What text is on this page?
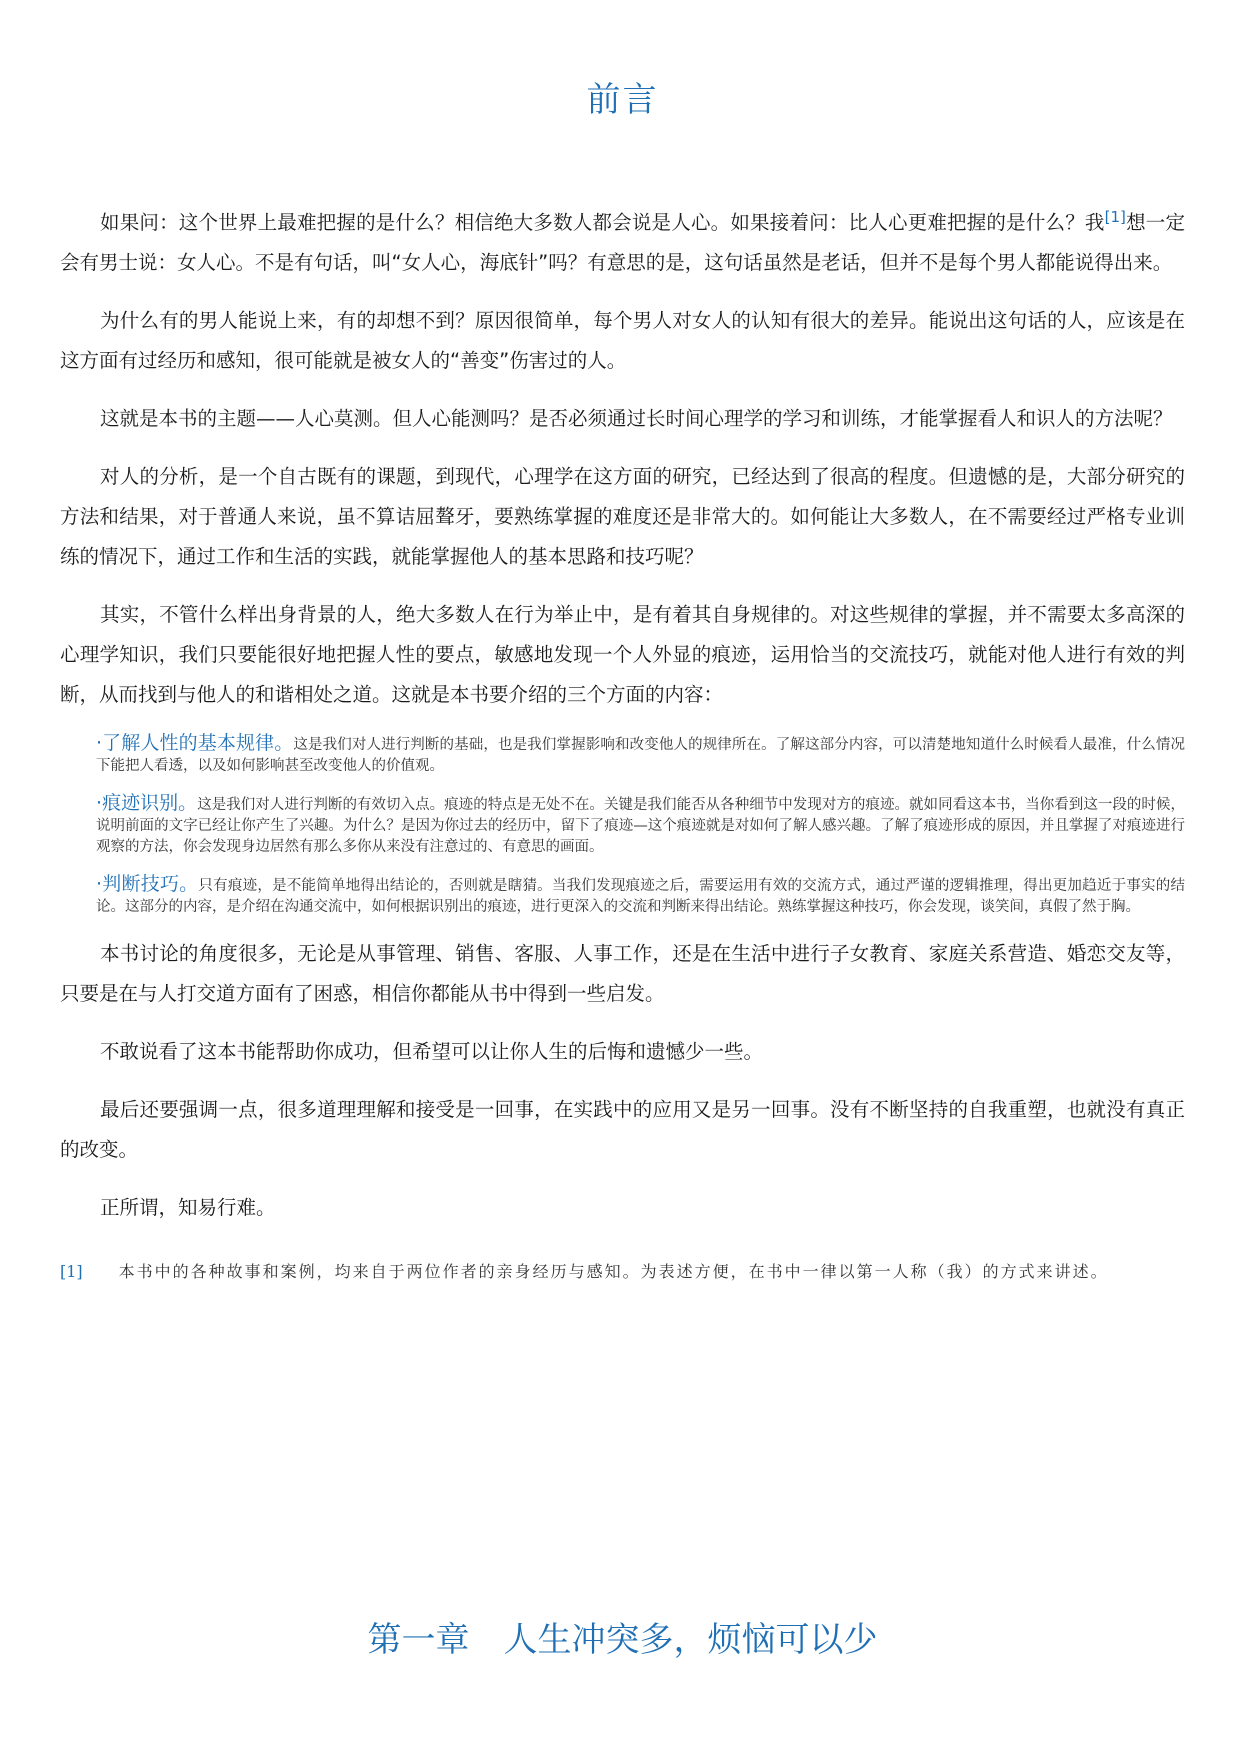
前言

如果问：这个世界上最难把握的是什么？相信绝大多数人都会说是人心。如果接着问：比人心更难把握的是什么？我[1]想一定会有男士说：女人心。不是有句话，叫“女人心，海底针”吗？有意思的是，这句话虽然是老话，但并不是每个男人都能说得出来。

为什么有的男人能说上来，有的却想不到？原因很简单，每个男人对女人的认知有很大的差异。能说出这句话的人，应该是在这方面有过经历和感知，很可能就是被女人的“善变”伤害过的人。

这就是本书的主题——人心莫测。但人心能测吗？是否必须通过长时间心理学的学习和训练，才能掌握看人和识人的方法呢？

对人的分析，是一个自古既有的课题，到现代，心理学在这方面的研究，已经达到了很高的程度。但遗憾的是，大部分研究的方法和结果，对于普通人来说，虽不算诘屈聱牙，要熟练掌握的难度还是非常大的。如何能让大多数人，在不需要经过严格专业训练的情况下，通过工作和生活的实践，就能掌握他人的基本思路和技巧呢？

其实，不管什么样出身背景的人，绝大多数人在行为举止中，是有着其自身规律的。对这些规律的掌握，并不需要太多高深的心理学知识，我们只要能很好地把握人性的要点，敏感地发现一个人外显的痕迹，运用恰当的交流技巧，就能对他人进行有效的判断，从而找到与他人的和谐相处之道。这就是本书要介绍的三个方面的内容：

·了解人性的基本规律。这是我们对人进行判断的基础，也是我们掌握影响和改变他人的规律所在。了解这部分内容，可以清楚地知道什么时候看人最准，什么情况下能把人看透，以及如何影响甚至改变他人的价值观。
·痕迹识别。这是我们对人进行判断的有效切入点。痕迹的特点是无处不在。关键是我们能否从各种细节中发现对方的痕迹。就如同看这本书，当你看到这一段的时候，说明前面的文字已经让你产生了兴趣。为什么？是因为你过去的经历中，留下了痕迹—这个痕迹就是对如何了解人感兴趣。了解了痕迹形成的原因，并且掌握了对痕迹进行观察的方法，你会发现身边居然有那么多你从来没有注意过的、有意思的画面。
·判断技巧。只有痕迹，是不能简单地得出结论的，否则就是瞎猜。当我们发现痕迹之后，需要运用有效的交流方式，通过严谨的逻辑推理，得出更加趋近于事实的结论。这部分的内容，是介绍在沟通交流中，如何根据识别出的痕迹，进行更深入的交流和判断来得出结论。熟练掌握这种技巧，你会发现，谈笑间，真假了然于胸。

本书讨论的角度很多，无论是从事管理、销售、客服、人事工作，还是在生活中进行子女教育、家庭关系营造、婚恋交友等，只要是在与人打交道方面有了困惑，相信你都能从书中得到一些启发。

不敢说看了这本书能帮助你成功，但希望可以让你人生的后悔和遗憾少一些。

最后还要强调一点，很多道理理解和接受是一回事，在实践中的应用又是另一回事。没有不断坚持的自我重塑，也就没有真正的改变。

正所谓，知易行难。

[1] 本书中的各种故事和案例，均来自于两位作者的亲身经历与感知。为表述方便，在书中一律以第一人称（我）的方式来讲述。
第一章　人生冲突多，烦恼可以少
